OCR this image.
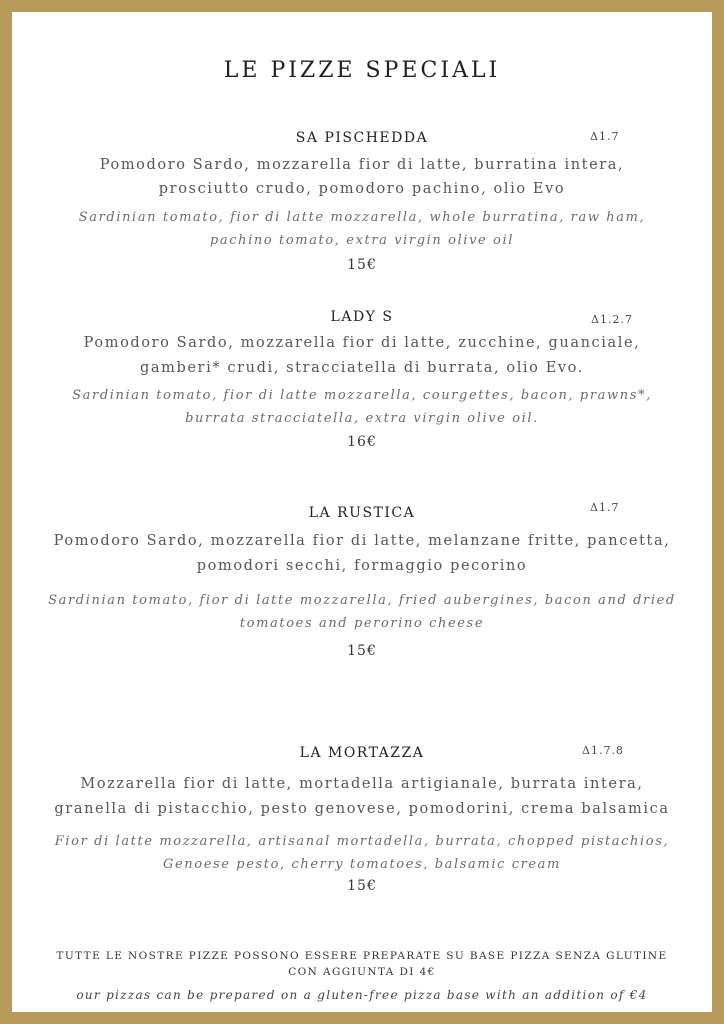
LE PIZZE SPECIALI
SA PISCHEDDA	Δ1.7
Pomodoro Sardo, mozzarella fior di latte, burratina intera,
prosciutto crudo, pomodoro pachino, olio Evo
Sardinian tomato, fior di latte mozzarella, whole burratina, raw ham,
pachino tomato, extra virgin olive oil
15€
LADY S	Δ1.2.7
Pomodoro Sardo, mozzarella fior di latte, zucchine, guanciale,
gamberi* crudi, stracciatella di burrata, olio Evo.
Sardinian tomato, fior di latte mozzarella, courgettes, bacon, prawns*,
burrata stracciatella, extra virgin olive oil.
16€
LA RUSTICA	Δ1.7
Pomodoro Sardo, mozzarella fior di latte, melanzane fritte, pancetta,
pomodori secchi, formaggio pecorino
Sardinian tomato, fior di latte mozzarella, fried aubergines, bacon and dried
tomatoes and perorino cheese
15€
LA MORTAZZA	Δ1.7.8
Mozzarella fior di latte, mortadella artigianale, burrata intera,
granella di pistacchio, pesto genovese, pomodorini, crema balsamica
Fior di latte mozzarella, artisanal mortadella, burrata, chopped pistachios,
Genoese pesto, cherry tomatoes, balsamic cream
15€
TUTTE LE NOSTRE PIZZE POSSONO ESSERE PREPARATE SU BASE PIZZA SENZA GLUTINE
CON AGGIUNTA DI 4€
our pizzas can be prepared on a gluten-free pizza base with an addition of €4
